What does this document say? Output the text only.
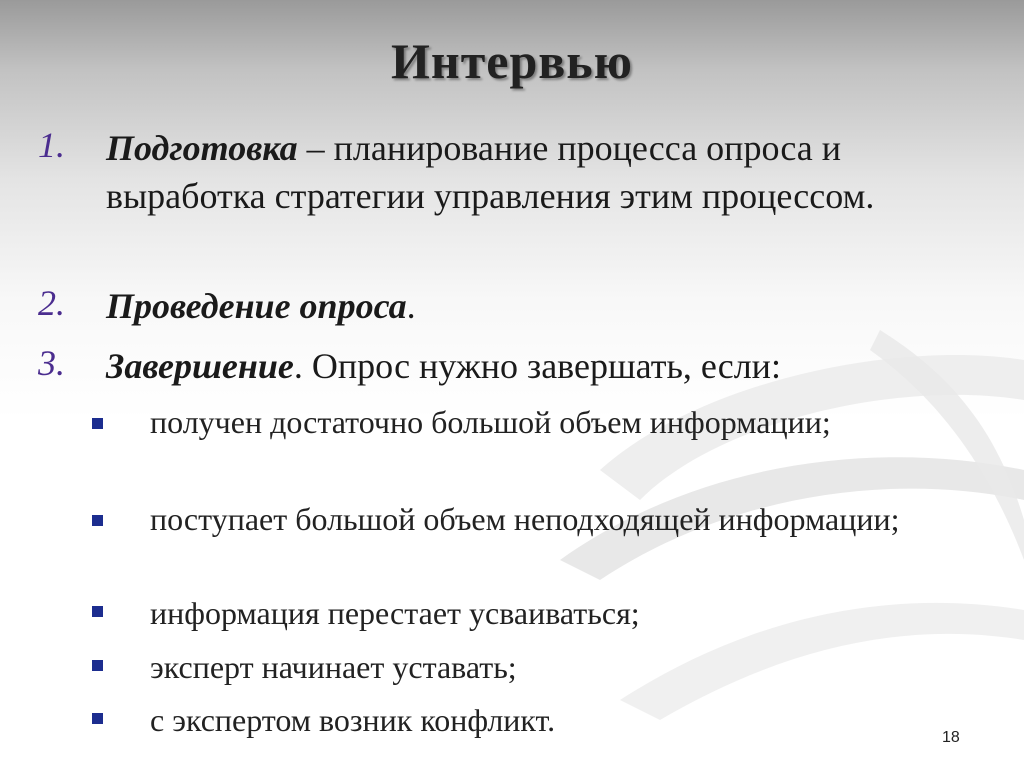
Интервью
1. Подготовка – планирование процесса опроса и выработка стратегии управления этим процессом.
2. Проведение опроса.
3. Завершение. Опрос нужно завершать, если:
получен достаточно большой объем информации;
поступает большой объем неподходящей информации;
информация перестает усваиваться;
эксперт начинает уставать;
с экспертом возник конфликт.	18
